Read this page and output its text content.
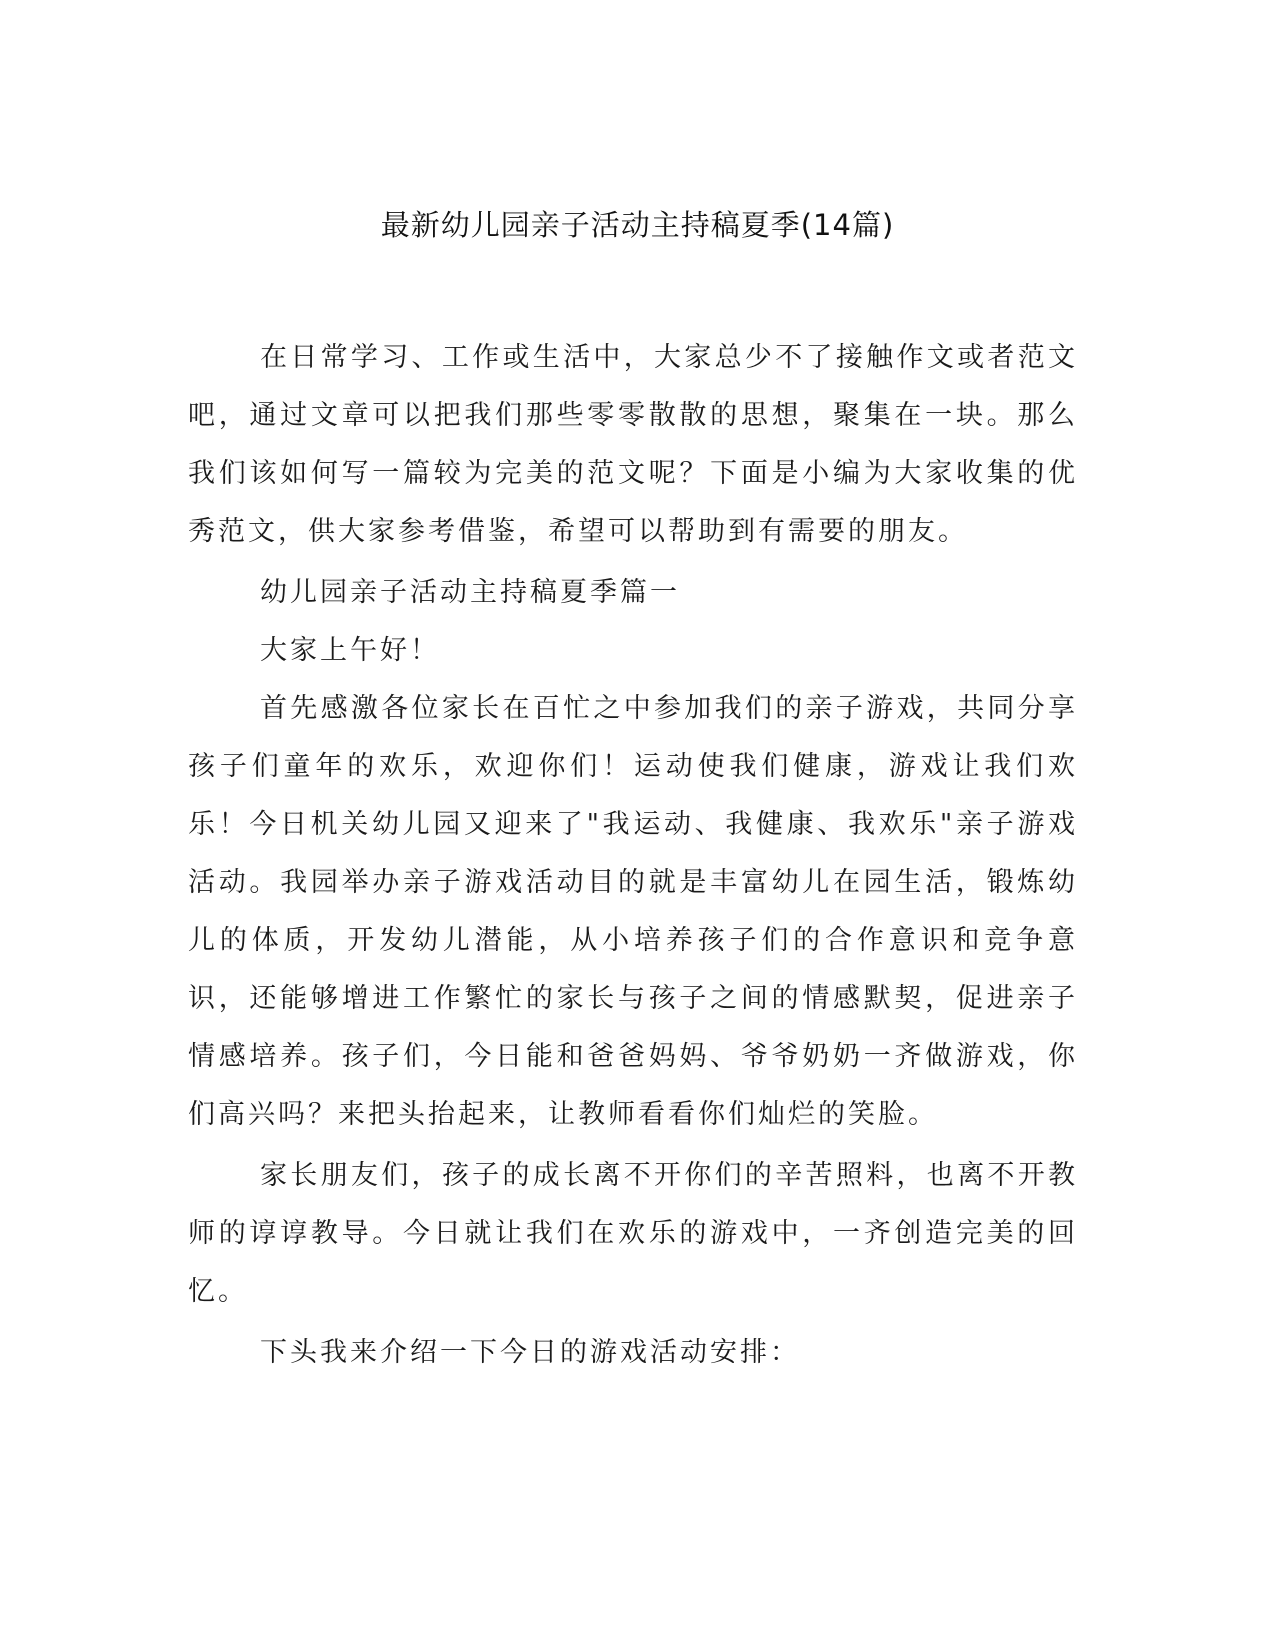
最新幼儿园亲子活动主持稿夏季(14篇)

在日常学习、工作或生活中，大家总少不了接触作文或者范文吧，通过文章可以把我们那些零零散散的思想，聚集在一块。那么我们该如何写一篇较为完美的范文呢？下面是小编为大家收集的优秀范文，供大家参考借鉴，希望可以帮助到有需要的朋友。

幼儿园亲子活动主持稿夏季篇一

大家上午好！

首先感激各位家长在百忙之中参加我们的亲子游戏，共同分享孩子们童年的欢乐，欢迎你们！运动使我们健康，游戏让我们欢乐！今日机关幼儿园又迎来了"我运动、我健康、我欢乐"亲子游戏活动。我园举办亲子游戏活动目的就是丰富幼儿在园生活，锻炼幼儿的体质，开发幼儿潜能，从小培养孩子们的合作意识和竞争意识，还能够增进工作繁忙的家长与孩子之间的情感默契，促进亲子情感培养。孩子们，今日能和爸爸妈妈、爷爷奶奶一齐做游戏，你们高兴吗？来把头抬起来，让教师看看你们灿烂的笑脸。

家长朋友们，孩子的成长离不开你们的辛苦照料，也离不开教师的谆谆教导。今日就让我们在欢乐的游戏中，一齐创造完美的回忆。

下头我来介绍一下今日的游戏活动安排：
